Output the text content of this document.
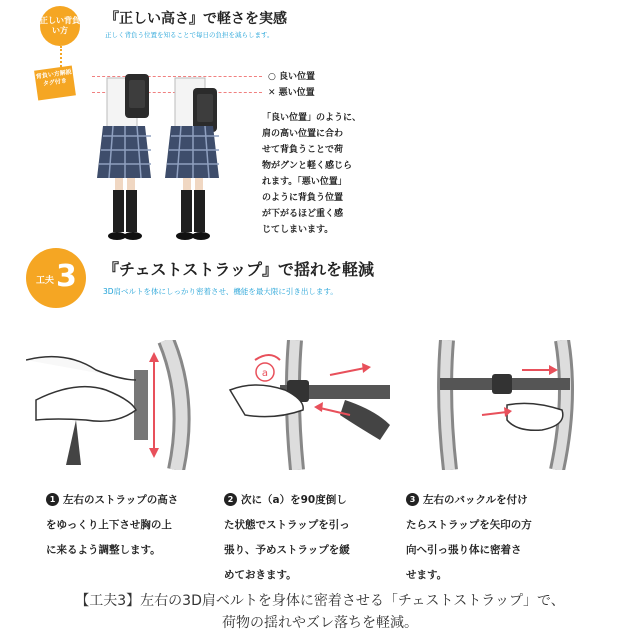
正しい背負い方
背負い方解説タグ付き
『正しい高さ』で軽さを実感
正しく背負う位置を知ることで毎日の負担を減らします。
○ 良い位置
✕ 悪い位置
「良い位置」のように、
肩の高い位置に合わ
せて背負うことで荷
物がグンと軽く感じら
れます。「悪い位置」
のように背負う位置
が下がるほど重く感
じてしまいます。
工夫 3 『チェストストラップ』で揺れを軽減
3D肩ベルトを体にしっかり密着させ、機能を最大限に引き出します。
a
1 左右のストラップの高さ
をゆっくり上下させ胸の上
に来るよう調整します。
2 次に（a）を90度倒し
た状態でストラップを引っ
張り、予めストラップを緩
めておきます。
3 左右のバックルを付け
たらストラップを矢印の方
向へ引っ張り体に密着さ
せます。
【工夫3】左右の3D肩ベルトを身体に密着させる「チェストストラップ」で、
荷物の揺れやズレ落ちを軽減。
